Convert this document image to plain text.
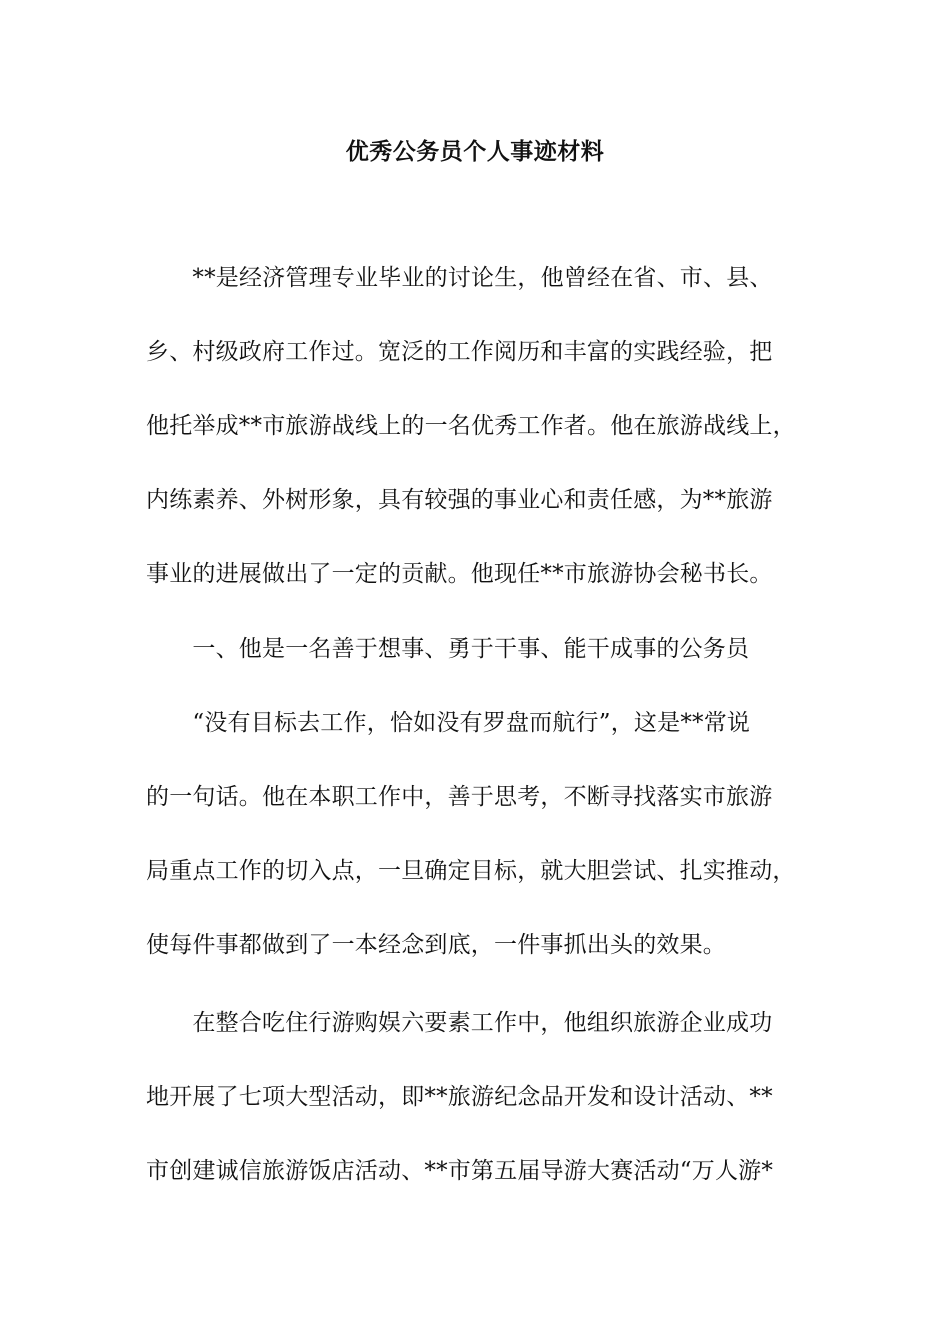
优秀公务员个人事迹材料
　　**是经济管理专业毕业的讨论生，他曾经在省、市、县、
乡、村级政府工作过。宽泛的工作阅历和丰富的实践经验，把
他托举成**市旅游战线上的一名优秀工作者。他在旅游战线上，
内练素养、外树形象，具有较强的事业心和责任感，为**旅游
事业的进展做出了一定的贡献。他现任**市旅游协会秘书长。
　　一、他是一名善于想事、勇于干事、能干成事的公务员
　　“没有目标去工作，恰如没有罗盘而航行”，这是**常说
的一句话。他在本职工作中，善于思考，不断寻找落实市旅游
局重点工作的切入点，一旦确定目标，就大胆尝试、扎实推动，
使每件事都做到了一本经念到底，一件事抓出头的效果。
　　在整合吃住行游购娱六要素工作中，他组织旅游企业成功
地开展了七项大型活动，即**旅游纪念品开发和设计活动、**
市创建诚信旅游饭店活动、**市第五届导游大赛活动“万人游*
